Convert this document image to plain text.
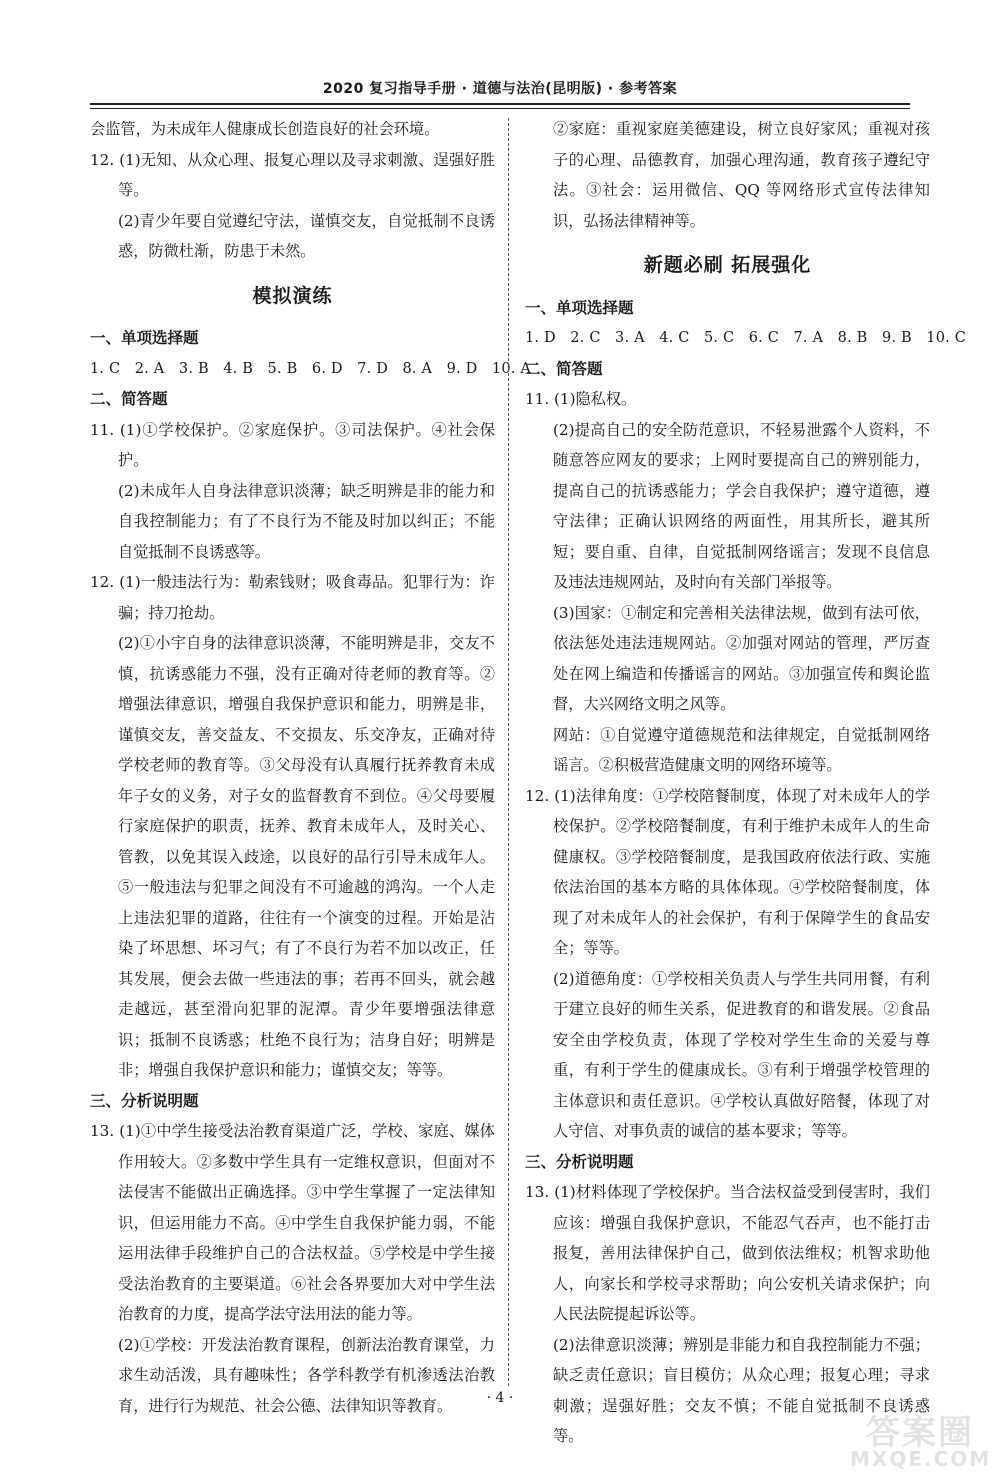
2020 复习指导手册 · 道德与法治(昆明版) · 参考答案

会监管，为未成年人健康成长创造良好的社会环境。

12. (1)无知、从众心理、报复心理以及寻求刺激、逞强好胜等。

(2)青少年要自觉遵纪守法，谨慎交友，自觉抵制不良诱惑，防微杜渐，防患于未然。

模拟演练

一、单项选择题

1. C   2. A   3. B   4. B   5. B   6. D   7. D   8. A   9. D   10. A

二、简答题

11. (1)①学校保护。②家庭保护。③司法保护。④社会保护。

(2)未成年人自身法律意识淡薄；缺乏明辨是非的能力和自我控制能力；有了不良行为不能及时加以纠正；不能自觉抵制不良诱惑等。

12. (1)一般违法行为：勒索钱财；吸食毒品。犯罪行为：诈骗；持刀抢劫。

(2)①小宇自身的法律意识淡薄，不能明辨是非，交友不慎，抗诱惑能力不强，没有正确对待老师的教育等。②增强法律意识，增强自我保护意识和能力，明辨是非，谨慎交友，善交益友、不交损友、乐交净友，正确对待学校老师的教育等。③父母没有认真履行抚养教育未成年子女的义务，对子女的监督教育不到位。④父母要履行家庭保护的职责，抚养、教育未成年人，及时关心、管教，以免其误入歧途，以良好的品行引导未成年人。⑤一般违法与犯罪之间没有不可逾越的鸿沟。一个人走上违法犯罪的道路，往往有一个演变的过程。开始是沾染了坏思想、坏习气；有了不良行为若不加以改正，任其发展，便会去做一些违法的事；若再不回头，就会越走越远，甚至滑向犯罪的泥潭。青少年要增强法律意识；抵制不良诱惑；杜绝不良行为；洁身自好；明辨是非；增强自我保护意识和能力；谨慎交友；等等。

三、分析说明题

13. (1)①中学生接受法治教育渠道广泛，学校、家庭、媒体作用较大。②多数中学生具有一定维权意识，但面对不法侵害不能做出正确选择。③中学生掌握了一定法律知识，但运用能力不高。④中学生自我保护能力弱，不能运用法律手段维护自己的合法权益。⑤学校是中学生接受法治教育的主要渠道。⑥社会各界要加大对中学生法治教育的力度，提高学法守法用法的能力等。

(2)①学校：开发法治教育课程，创新法治教育课堂，力求生动活泼，具有趣味性；各学科教学有机渗透法治教育，进行行为规范、社会公德、法律知识等教育。

②家庭：重视家庭美德建设，树立良好家风；重视对孩子的心理、品德教育，加强心理沟通，教育孩子遵纪守法。③社会：运用微信、QQ 等网络形式宣传法律知识，弘扬法律精神等。

新题必刷 拓展强化

一、单项选择题

1. D   2. C   3. A   4. C   5. C   6. C   7. A   8. B   9. B   10. C

二、简答题

11. (1)隐私权。

(2)提高自己的安全防范意识，不轻易泄露个人资料，不随意答应网友的要求；上网时要提高自己的辨别能力，提高自己的抗诱惑能力；学会自我保护；遵守道德，遵守法律；正确认识网络的两面性，用其所长，避其所短；要自重、自律，自觉抵制网络谣言；发现不良信息及违法违规网站，及时向有关部门举报等。

(3)国家：①制定和完善相关法律法规，做到有法可依，依法惩处违法违规网站。②加强对网站的管理，严厉查处在网上编造和传播谣言的网站。③加强宣传和舆论监督，大兴网络文明之风等。

网站：①自觉遵守道德规范和法律规定，自觉抵制网络谣言。②积极营造健康文明的网络环境等。

12. (1)法律角度：①学校陪餐制度，体现了对未成年人的学校保护。②学校陪餐制度，有利于维护未成年人的生命健康权。③学校陪餐制度，是我国政府依法行政、实施依法治国的基本方略的具体体现。④学校陪餐制度，体现了对未成年人的社会保护，有利于保障学生的食品安全；等等。

(2)道德角度：①学校相关负责人与学生共同用餐，有利于建立良好的师生关系，促进教育的和谐发展。②食品安全由学校负责，体现了学校对学生生命的关爱与尊重，有利于学生的健康成长。③有利于增强学校管理的主体意识和责任意识。④学校认真做好陪餐，体现了对人守信、对事负责的诚信的基本要求；等等。

三、分析说明题

13. (1)材料体现了学校保护。当合法权益受到侵害时，我们应该：增强自我保护意识，不能忍气吞声，也不能打击报复，善用法律保护自己，做到依法维权；机智求助他人，向家长和学校寻求帮助；向公安机关请求保护；向人民法院提起诉讼等。

(2)法律意识淡薄；辨别是非能力和自我控制能力不强；缺乏责任意识；盲目模仿；从众心理；报复心理；寻求刺激；逞强好胜；交友不慎；不能自觉抵制不良诱惑等。

· 4 ·
答案圈
MXQE.COM
